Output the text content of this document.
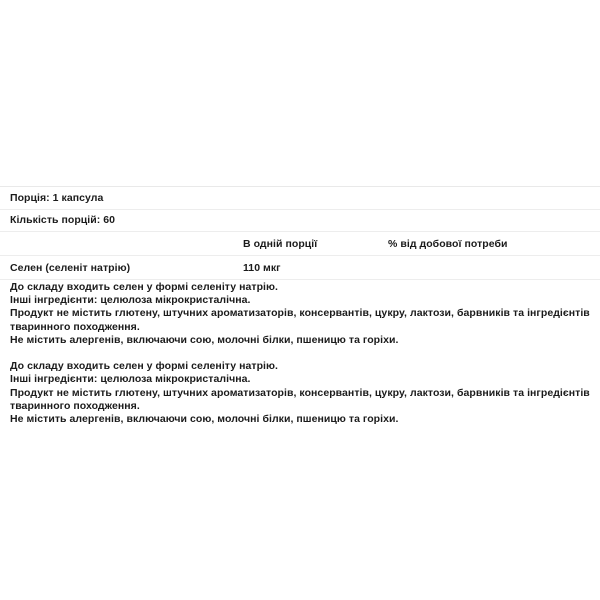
Порція: 1 капсула		

Кількість порцій: 60		

	В одній порції	% від добової потреби

Селен (селеніт натрію)	110 мкг	

До складу входить селен у формі селеніту натрію.
Інші інгредієнти: целюлоза мікрокристалічна.
Продукт не містить глютену, штучних ароматизаторів, консервантів, цукру, лактози, барвників та інгредієнтів тваринного походження.
Не містить алергенів, включаючи сою, молочні білки, пшеницю та горіхи.
До складу входить селен у формі селеніту натрію.
Інші інгредієнти: целюлоза мікрокристалічна.
Продукт не містить глютену, штучних ароматизаторів, консервантів, цукру, лактози, барвників та інгредієнтів тваринного походження.
Не містить алергенів, включаючи сою, молочні білки, пшеницю та горіхи.
